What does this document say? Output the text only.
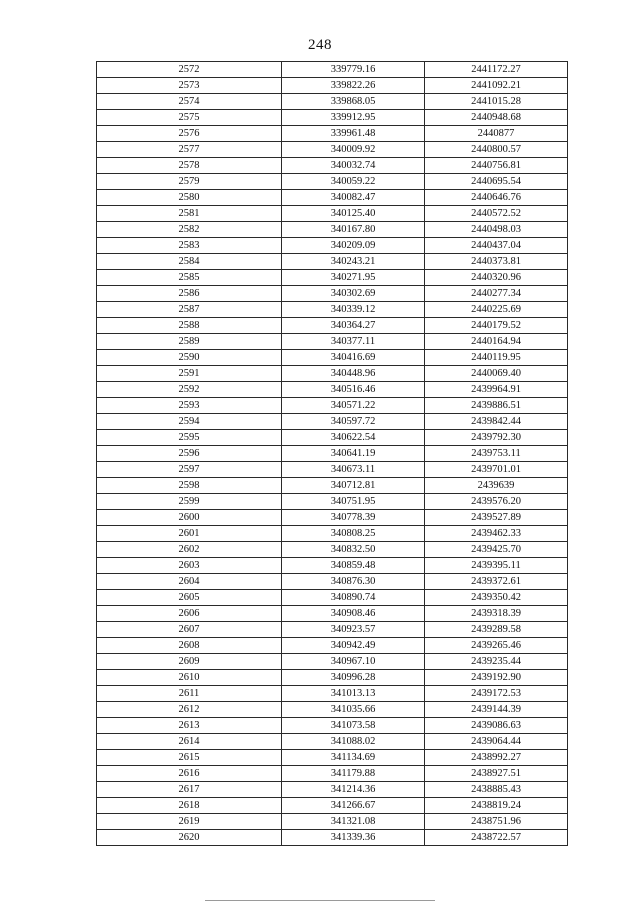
248
2572	339779.16	2441172.27
2573	339822.26	2441092.21
2574	339868.05	2441015.28
2575	339912.95	2440948.68
2576	339961.48	2440877
2577	340009.92	2440800.57
2578	340032.74	2440756.81
2579	340059.22	2440695.54
2580	340082.47	2440646.76
2581	340125.40	2440572.52
2582	340167.80	2440498.03
2583	340209.09	2440437.04
2584	340243.21	2440373.81
2585	340271.95	2440320.96
2586	340302.69	2440277.34
2587	340339.12	2440225.69
2588	340364.27	2440179.52
2589	340377.11	2440164.94
2590	340416.69	2440119.95
2591	340448.96	2440069.40
2592	340516.46	2439964.91
2593	340571.22	2439886.51
2594	340597.72	2439842.44
2595	340622.54	2439792.30
2596	340641.19	2439753.11
2597	340673.11	2439701.01
2598	340712.81	2439639
2599	340751.95	2439576.20
2600	340778.39	2439527.89
2601	340808.25	2439462.33
2602	340832.50	2439425.70
2603	340859.48	2439395.11
2604	340876.30	2439372.61
2605	340890.74	2439350.42
2606	340908.46	2439318.39
2607	340923.57	2439289.58
2608	340942.49	2439265.46
2609	340967.10	2439235.44
2610	340996.28	2439192.90
2611	341013.13	2439172.53
2612	341035.66	2439144.39
2613	341073.58	2439086.63
2614	341088.02	2439064.44
2615	341134.69	2438992.27
2616	341179.88	2438927.51
2617	341214.36	2438885.43
2618	341266.67	2438819.24
2619	341321.08	2438751.96
2620	341339.36	2438722.57
